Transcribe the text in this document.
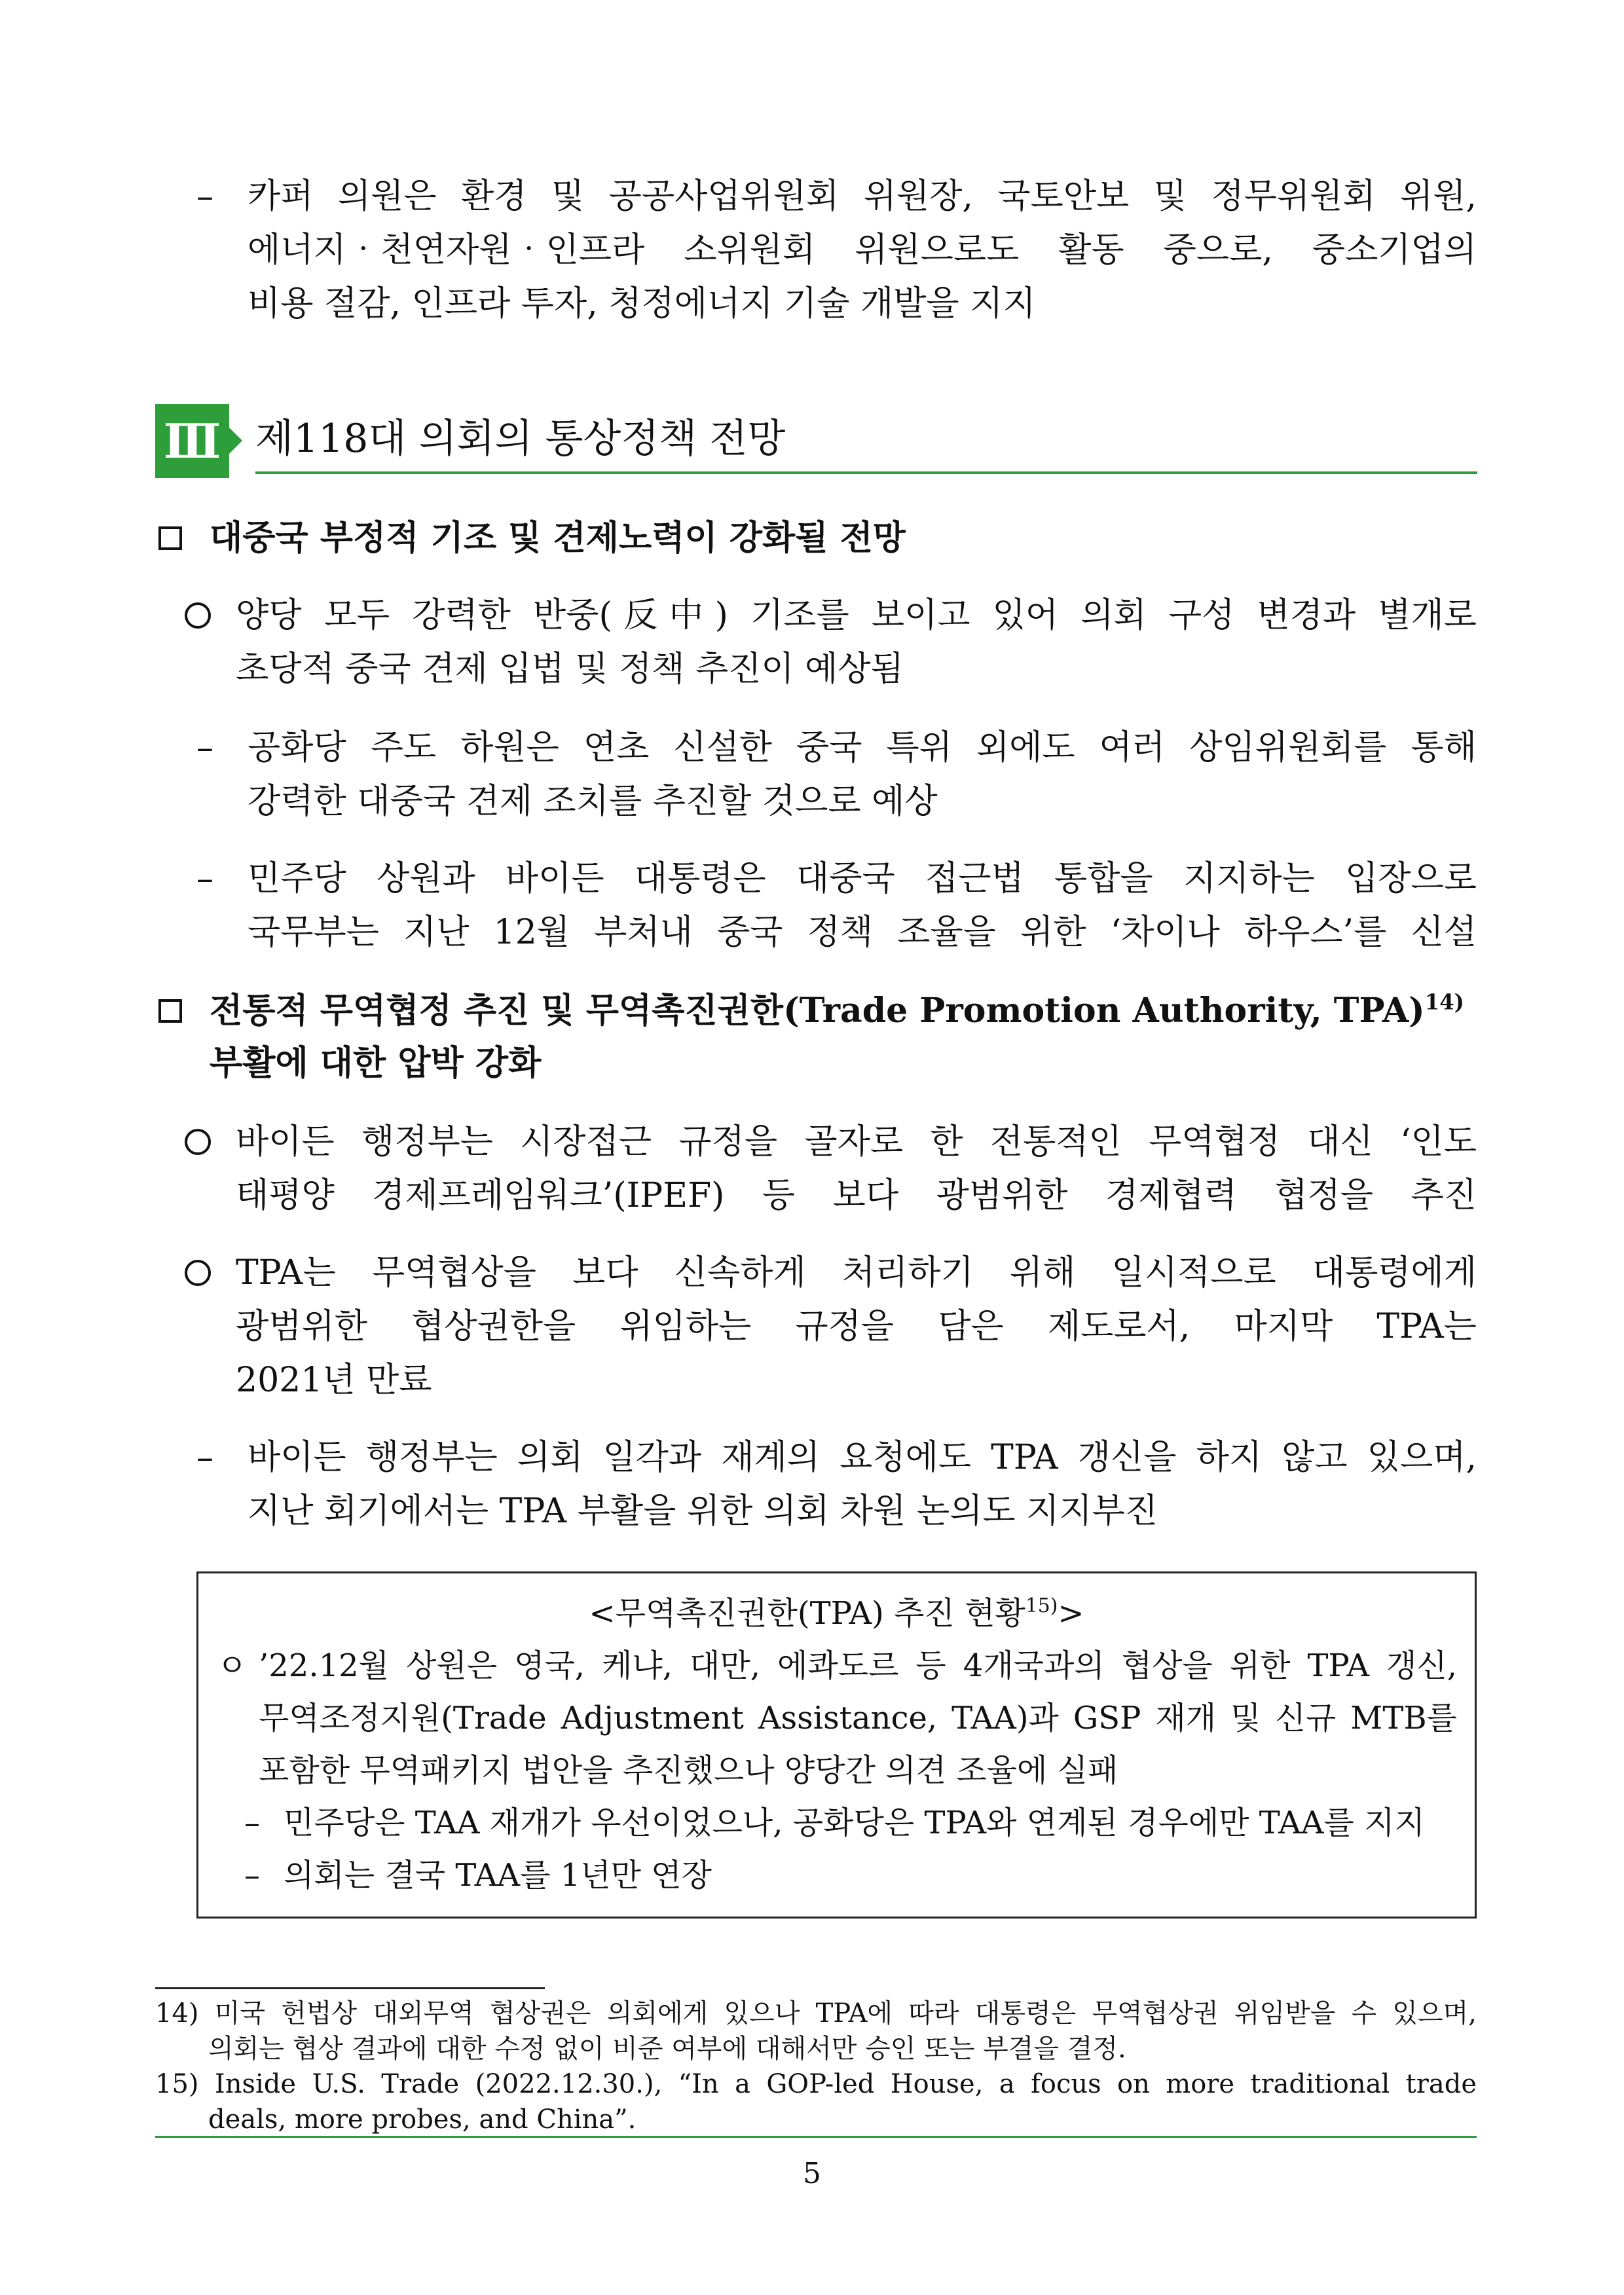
– 카퍼 의원은 환경 및 공공사업위원회 위원장, 국토안보 및 정무위원회 위원,
에너지‧천연자원‧인프라 소위원회 위원으로도 활동 중으로, 중소기업의
비용 절감, 인프라 투자, 청정에너지 기술 개발을 지지
Ⅲ 제118대 의회의 통상정책 전망
대중국 부정적 기조 및 견제노력이 강화될 전망
양당 모두 강력한 반중(反中) 기조를 보이고 있어 의회 구성 변경과 별개로
초당적 중국 견제 입법 및 정책 추진이 예상됨
– 공화당 주도 하원은 연초 신설한 중국 특위 외에도 여러 상임위원회를 통해
강력한 대중국 견제 조치를 추진할 것으로 예상
– 민주당 상원과 바이든 대통령은 대중국 접근법 통합을 지지하는 입장으로
국무부는 지난 12월 부처내 중국 정책 조율을 위한 ‘차이나 하우스’를 신설
전통적 무역협정 추진 및 무역촉진권한(Trade Promotion Authority, TPA)$^{14)}$
부활에 대한 압박 강화
바이든 행정부는 시장접근 규정을 골자로 한 전통적인 무역협정 대신 ‘인도
태평양 경제프레임워크’(IPEF) 등 보다 광범위한 경제협력 협정을 추진
TPA는 무역협상을 보다 신속하게 처리하기 위해 일시적으로 대통령에게
광범위한 협상권한을 위임하는 규정을 담은 제도로서, 마지막 TPA는
2021년 만료
– 바이든 행정부는 의회 일각과 재계의 요청에도 TPA 갱신을 하지 않고 있으며,
지난 회기에서는 TPA 부활을 위한 의회 차원 논의도 지지부진
<무역촉진권한(TPA) 추진 현황$^{15)}$>
ㅇ ’22.12월 상원은 영국, 케냐, 대만, 에콰도르 등 4개국과의 협상을 위한 TPA 갱신,
무역조정지원(Trade Adjustment Assistance, TAA)과 GSP 재개 및 신규 MTB를
포함한 무역패키지 법안을 추진했으나 양당간 의견 조율에 실패
– 민주당은 TAA 재개가 우선이었으나, 공화당은 TPA와 연계된 경우에만 TAA를 지지
– 의회는 결국 TAA를 1년만 연장
14) 미국 헌법상 대외무역 협상권은 의회에게 있으나 TPA에 따라 대통령은 무역협상권 위임받을 수 있으며,
의회는 협상 결과에 대한 수정 없이 비준 여부에 대해서만 승인 또는 부결을 결정.
15) Inside U.S. Trade (2022.12.30.), “In a GOP-led House, a focus on more traditional trade
deals, more probes, and China”.
5
